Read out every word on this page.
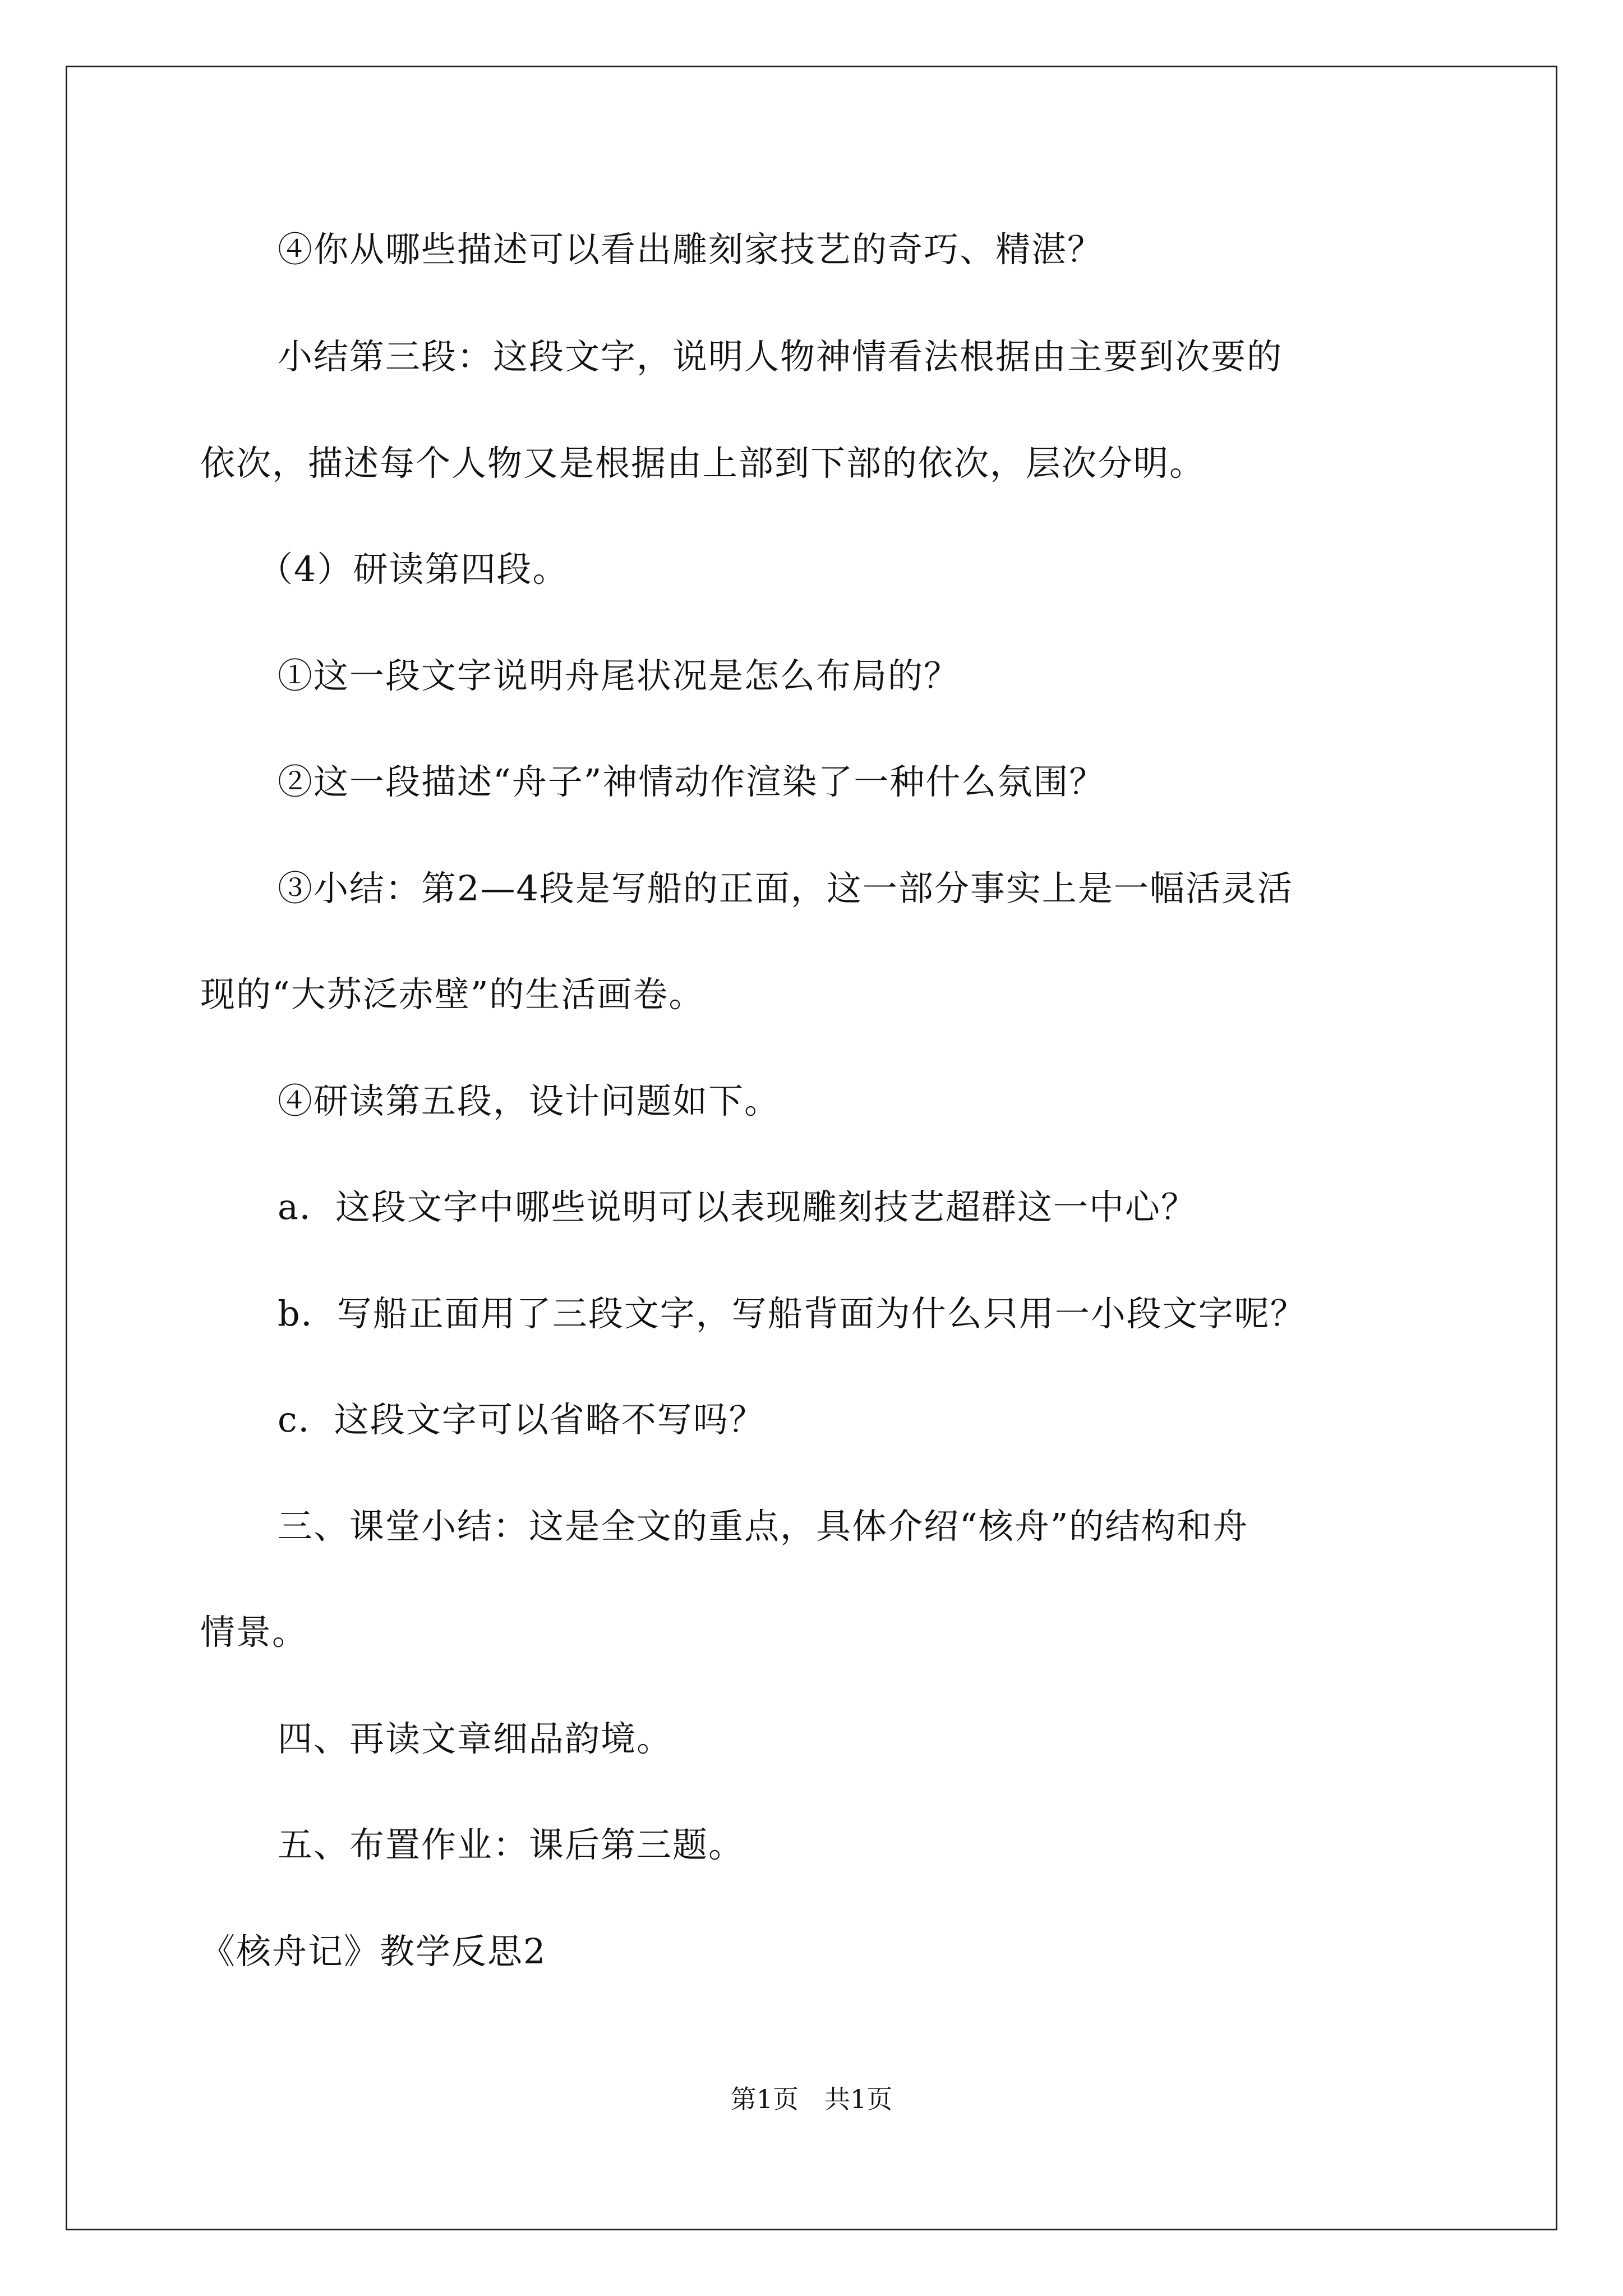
④你从哪些描述可以看出雕刻家技艺的奇巧、精湛？
小结第三段：这段文字，说明人物神情看法根据由主要到次要的
依次，描述每个人物又是根据由上部到下部的依次，层次分明。
（4）研读第四段。
①这一段文字说明舟尾状况是怎么布局的？
②这一段描述“舟子”神情动作渲染了一种什么氛围？
③小结：第2—4段是写船的正面，这一部分事实上是一幅活灵活
现的“大苏泛赤壁”的生活画卷。
④研读第五段，设计问题如下。
a．这段文字中哪些说明可以表现雕刻技艺超群这一中心？
b．写船正面用了三段文字，写船背面为什么只用一小段文字呢？
c．这段文字可以省略不写吗？
三、课堂小结：这是全文的重点，具体介绍“核舟”的结构和舟
情景。
四、再读文章细品韵境。
五、布置作业：课后第三题。
《核舟记》教学反思2
第1页　共1页
